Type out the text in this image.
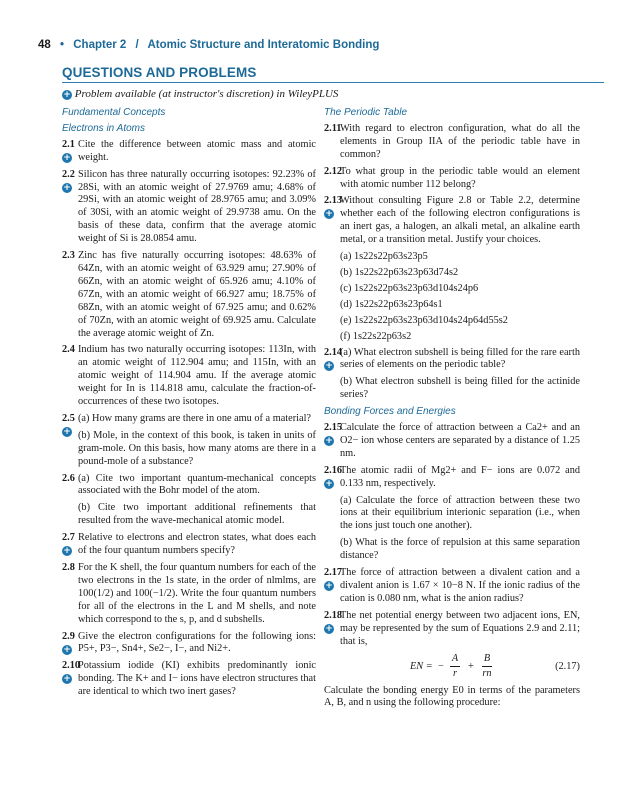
48 • Chapter 2 / Atomic Structure and Interatomic Bonding
QUESTIONS AND PROBLEMS
+ Problem available (at instructor's discretion) in WileyPLUS
Fundamental Concepts
Electrons in Atoms
2.1
+
Cite the difference between atomic mass and atomic weight.
2.2
+
Silicon has three naturally occurring isotopes: 92.23% of 28Si, with an atomic weight of 27.9769 amu; 4.68% of 29Si, with an atomic weight of 28.9765 amu; and 3.09% of 30Si, with an atomic weight of 29.9738 amu. On the basis of these data, confirm that the average atomic weight of Si is 28.0854 amu.
2.3 Zinc has five naturally occurring isotopes: 48.63% of 64Zn, with an atomic weight of 63.929 amu; 27.90% of 66Zn, with an atomic weight of 65.926 amu; 4.10% of 67Zn, with an atomic weight of 66.927 amu; 18.75% of 68Zn, with an atomic weight of 67.925 amu; and 0.62% of 70Zn, with an atomic weight of 69.925 amu. Calculate the average atomic weight of Zn.
2.4 Indium has two naturally occurring isotopes: 113In, with an atomic weight of 112.904 amu; and 115In, with an atomic weight of 114.904 amu. If the average atomic weight for In is 114.818 amu, calculate the fraction-of-occurrences of these two isotopes.
2.5
+
(a) How many grams are there in one amu of a material?
(b) Mole, in the context of this book, is taken in units of gram-mole. On this basis, how many atoms are there in a pound-mole of a substance?
2.6 (a) Cite two important quantum-mechanical concepts associated with the Bohr model of the atom.
(b) Cite two important additional refinements that resulted from the wave-mechanical atomic model.
2.7
+
Relative to electrons and electron states, what does each of the four quantum numbers specify?
2.8 For the K shell, the four quantum numbers for each of the two electrons in the 1s state, in the order of nlmlms, are 100(1/2) and 100(−1/2). Write the four quantum numbers for all of the electrons in the L and M shells, and note which correspond to the s, p, and d subshells.
2.9
+
Give the electron configurations for the following ions: P5+, P3−, Sn4+, Se2−, I−, and Ni2+.
2.10
+
Potassium iodide (KI) exhibits predominantly ionic bonding. The K+ and I− ions have electron structures that are identical to which two inert gases?
The Periodic Table
2.11
With regard to electron configuration, what do all the elements in Group IIA of the periodic table have in common?
2.12
To what group in the periodic table would an element with atomic number 112 belong?
2.13
+
Without consulting Figure 2.8 or Table 2.2, determine whether each of the following electron configurations is an inert gas, a halogen, an alkali metal, an alkaline earth metal, or a transition metal. Justify your choices.
(a) 1s22s22p63s23p5
(b) 1s22s22p63s23p63d74s2
(c) 1s22s22p63s23p63d104s24p6
(d) 1s22s22p63s23p64s1
(e) 1s22s22p63s23p63d104s24p64d55s2
(f) 1s22s22p63s2
2.14
+
(a) What electron subshell is being filled for the rare earth series of elements on the periodic table?
(b) What electron subshell is being filled for the actinide series?
Bonding Forces and Energies
2.15
+
Calculate the force of attraction between a Ca2+ and an O2− ion whose centers are separated by a distance of 1.25 nm.
2.16
+
The atomic radii of Mg2+ and F− ions are 0.072 and 0.133 nm, respectively.
(a) Calculate the force of attraction between these two ions at their equilibrium interionic separation (i.e., when the ions just touch one another).
(b) What is the force of repulsion at this same separation distance?
2.17
+
The force of attraction between a divalent cation and a divalent anion is 1.67 × 10−8 N. If the ionic radius of the cation is 0.080 nm, what is the anion radius?
2.18
+
The net potential energy between two adjacent ions, EN, may be represented by the sum of Equations 2.9 and 2.11; that is,
EN = −
A
r
+
B
rn
(2.17)
Calculate the bonding energy E0 in terms of the parameters A, B, and n using the following procedure:
